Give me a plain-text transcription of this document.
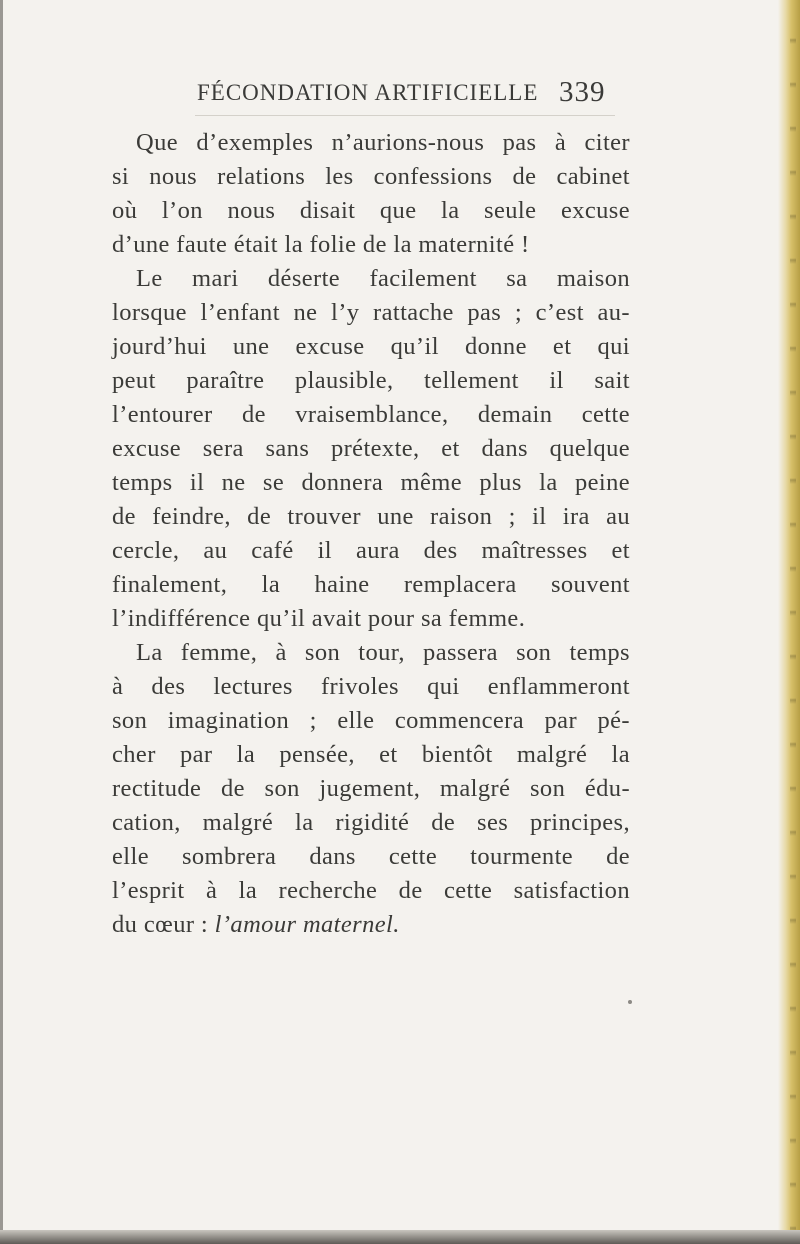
FÉCONDATION ARTIFICIELLE 339
Que d’exemples n’aurions-nous pas à citer
si nous relations les confessions de cabinet
où l’on nous disait que la seule excuse
d’une faute était la folie de la maternité !
Le mari déserte facilement sa maison
lorsque l’enfant ne l’y rattache pas ; c’est au-
jourd’hui une excuse qu’il donne et qui
peut paraître plausible, tellement il sait
l’entourer de vraisemblance, demain cette
excuse sera sans prétexte, et dans quelque
temps il ne se donnera même plus la peine
de feindre, de trouver une raison ; il ira au
cercle, au café il aura des maîtresses et
finalement, la haine remplacera souvent
l’indifférence qu’il avait pour sa femme.
La femme, à son tour, passera son temps
à des lectures frivoles qui enflammeront
son imagination ; elle commencera par pé-
cher par la pensée, et bientôt malgré la
rectitude de son jugement, malgré son édu-
cation, malgré la rigidité de ses principes,
elle sombrera dans cette tourmente de
l’esprit à la recherche de cette satisfaction
du cœur : l’amour maternel.
